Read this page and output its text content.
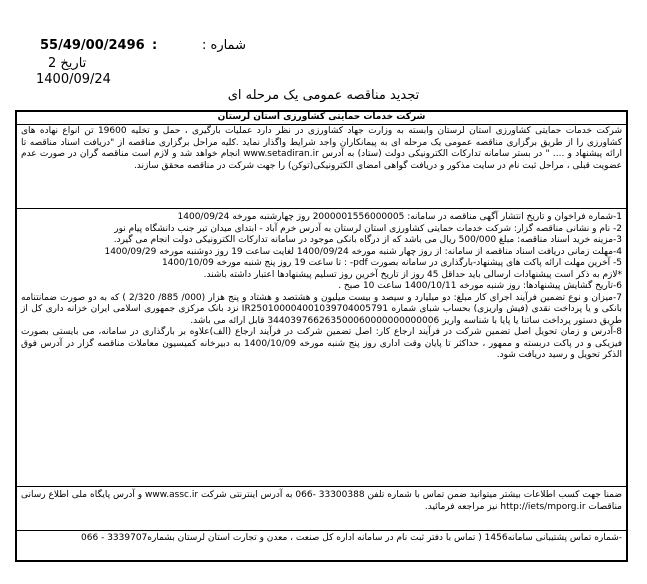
55/49/00/2496 :	شماره :
تاریخ 2
1400/09/24
تجدید مناقصه عمومی یک مرحله ای
شرکت خدمات حمایتی کشاورزی استان لرستان
شرکت خدمات حمایتی کشاورزی استان لرستان وابسته به وزارت جهاد کشاورزی در نظر دارد عملیات بارگیری ، حمل و تخلیه 19600 تن انواع نهاده های کشاورزی را از طریق برگزاری مناقصه عمومی یک مرحله ای به پیمانکاران واجد شرایط واگذار نماید .کلیه مراحل برگزاری مناقصه از "دریافت اسناد مناقصه تا ارائه پیشنهاد و .... " در بستر سامانه تدارکات الکترونیکی دولت (ستاد) به آدرس www.setadiran.ir انجام خواهد شد و لازم است مناقصه گران در صورت عدم عضویت قبلی ، مراحل ثبت نام در سایت مذکور و دریافت گواهی امضای الکترونیکی(توکن) را جهت شرکت در مناقصه محقق سازند.

1-شماره فراخوان و تاریخ انتشار آگهی مناقصه در سامانه: 2000001556000005 روز چهارشنبه مورخه 1400/09/24

2- نام و نشانی مناقصه گزار: شرکت خدمات حمایتی کشاورزی استان لرستان به آدرس خرم آباد - ابتدای میدان تیر جنب دانشگاه پیام نور

3-مزینه خرید اسناد مناقصه: مبلغ 500/000 ریال می باشد که از درگاه بانکی موجود در سامانه تدارکات الکترونیکی دولت انجام می گیرد.

4-مهلت زمانی دریافت اسناد مناقصه از سامانه: از روز چهار شنبه مورخه 1400/09/24 لغایت ساعت 19 روز دوشنبه مورخه 1400/09/29

5- آخرین مهلت ارائه پاکت های پیشنهاد-بارگذاری در سامانه بصورت pdf- : تا ساعت 19 روز پنج شنبه مورخه 1400/10/09

*لازم به ذکر است پیشنهادات ارسالی باید حداقل 45 روز از تاریخ آخرین روز تسلیم پیشنهادها اعتبار داشته باشند.

6-تاریخ گشایش پیشنهادها: روز شنبه مورخه 1400/10/11 ساعت 10 صبح .

7-میزان و نوع تضمین فرآیند اجرای کار مبلغ: دو میلیارد و سیصد و بیست میلیون و هشتصد و هشتاد و پنج هزار (000/ 885/ 2/320 ) که به دو صورت ضمانتنامه بانکی و یا پرداخت نقدی (فیش واریزی) بحساب شبای شماره IR250100004001039704005791 نزد بانک مرکزی جمهوری اسلامی ایران خزانه داری کل از طریق دستور پرداخت ساتنا یا پایا با شناسه واریز 344039766263500060000000000006 قابل ارائه می باشد.

8-آدرس و زمان تحویل اصل تضمین شرکت در فرآیند ارجاع کار: اصل تضمین شرکت در فرآیند ارجاع (الف)علاوه بر بارگذاری در سامانه، می بایستی بصورت فیزیکی و در پاکت دربسته و ممهور ، حداکثر تا پایان وقت اداری روز پنج شنبه مورخه 1400/10/09 به دبیرخانه کمیسیون معاملات مناقصه گزار در آدرس فوق الذکر تحویل و رسید دریافت شود.

ضمنا جهت کسب اطلاعات بیشتر میتوانید ضمن تماس با شماره تلفن 33300388 -066 به آدرس اینترنتی شرکت www.assc.ir و آدرس پایگاه ملی اطلاع رسانی مناقصات http://iets/mporg.ir نیز مراجعه فرمائید.

-شماره تماس پشتیبانی سامانه1456 ( تماس با دفتر ثبت نام در سامانه اداره کل صنعت ، معدن و تجارت استان لرستان بشماره3339707 - 066
